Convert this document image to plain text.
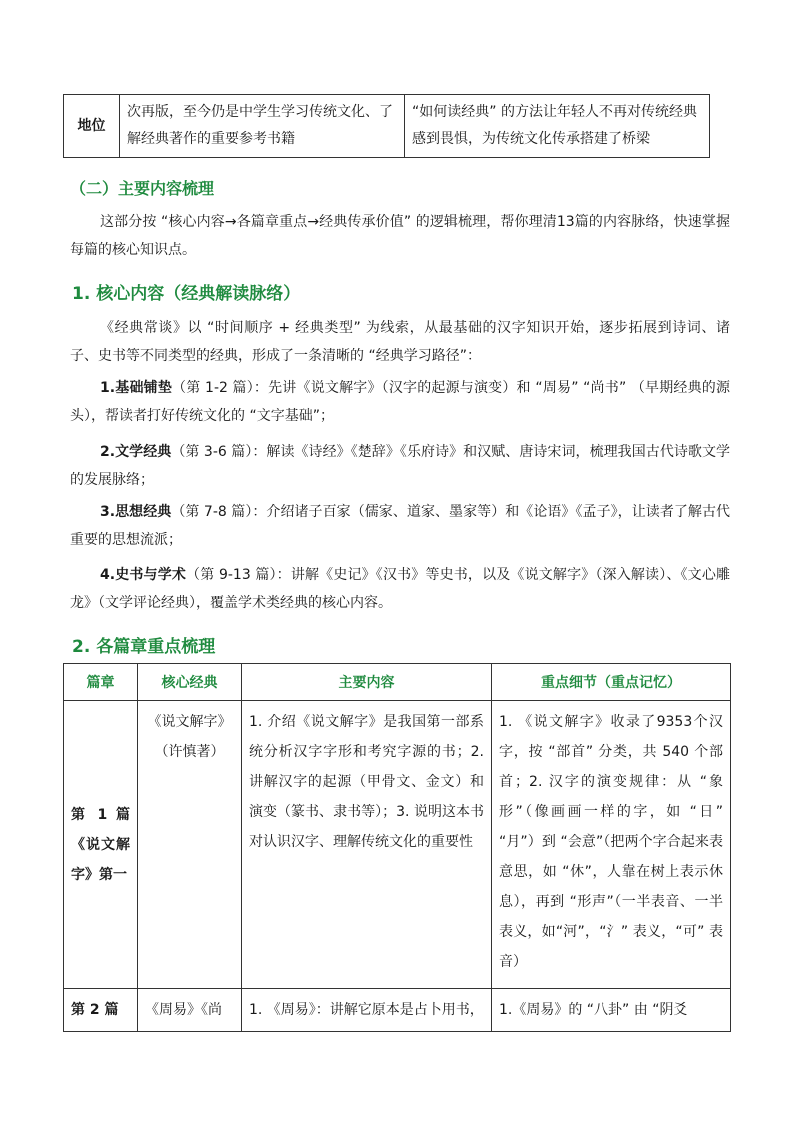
地位	次再版，至今仍是中学生学习传统文化、了解经典著作的重要参考书籍	“如何读经典” 的方法让年轻人不再对传统经典感到畏惧，为传统文化传承搭建了桥梁
（二）主要内容梳理
这部分按 “核心内容→各篇章重点→经典传承价值” 的逻辑梳理，帮你理清13篇的内容脉络，快速掌握每篇的核心知识点。
1. 核心内容（经典解读脉络）
《经典常谈》以 “时间顺序 + 经典类型” 为线索，从最基础的汉字知识开始，逐步拓展到诗词、诸子、史书等不同类型的经典，形成了一条清晰的 “经典学习路径”：
1.基础铺垫（第 1-2 篇）：先讲《说文解字》（汉字的起源与演变）和 “周易” “尚书” （早期经典的源头），帮读者打好传统文化的 “文字基础”；
2.文学经典（第 3-6 篇）：解读《诗经》《楚辞》《乐府诗》和汉赋、唐诗宋词，梳理我国古代诗歌文学的发展脉络；
3.思想经典（第 7-8 篇）：介绍诸子百家（儒家、道家、墨家等）和《论语》《孟子》，让读者了解古代重要的思想流派；
4.史书与学术（第 9-13 篇）：讲解《史记》《汉书》等史书，以及《说文解字》（深入解读）、《文心雕龙》（文学评论经典），覆盖学术类经典的核心内容。
2. 各篇章重点梳理
篇章	核心经典	主要内容	重点细节（重点记忆）
第 1 篇《说文解字》第一	《说文解字》（许慎著）	1. 介绍《说文解字》是我国第一部系统分析汉字字形和考究字源的书；2. 讲解汉字的起源（甲骨文、金文）和演变（篆书、隶书等）；3. 说明这本书对认识汉字、理解传统文化的重要性	1. 《说文解字》收录了9353个汉字，按 “部首” 分类，共 540 个部首；2. 汉字的演变规律：从 “象形”（像画画一样的字，如 “日” “月”）到 “会意”（把两个字合起来表意思，如 “休”，人靠在树上表示休息），再到 “形声”（一半表音、一半表义，如“河”，“氵” 表义，“可” 表音）
第 2 篇	《周易》《尚	1. 《周易》：讲解它原本是占卜用书，	1.《周易》的 “八卦” 由 “阴爻
